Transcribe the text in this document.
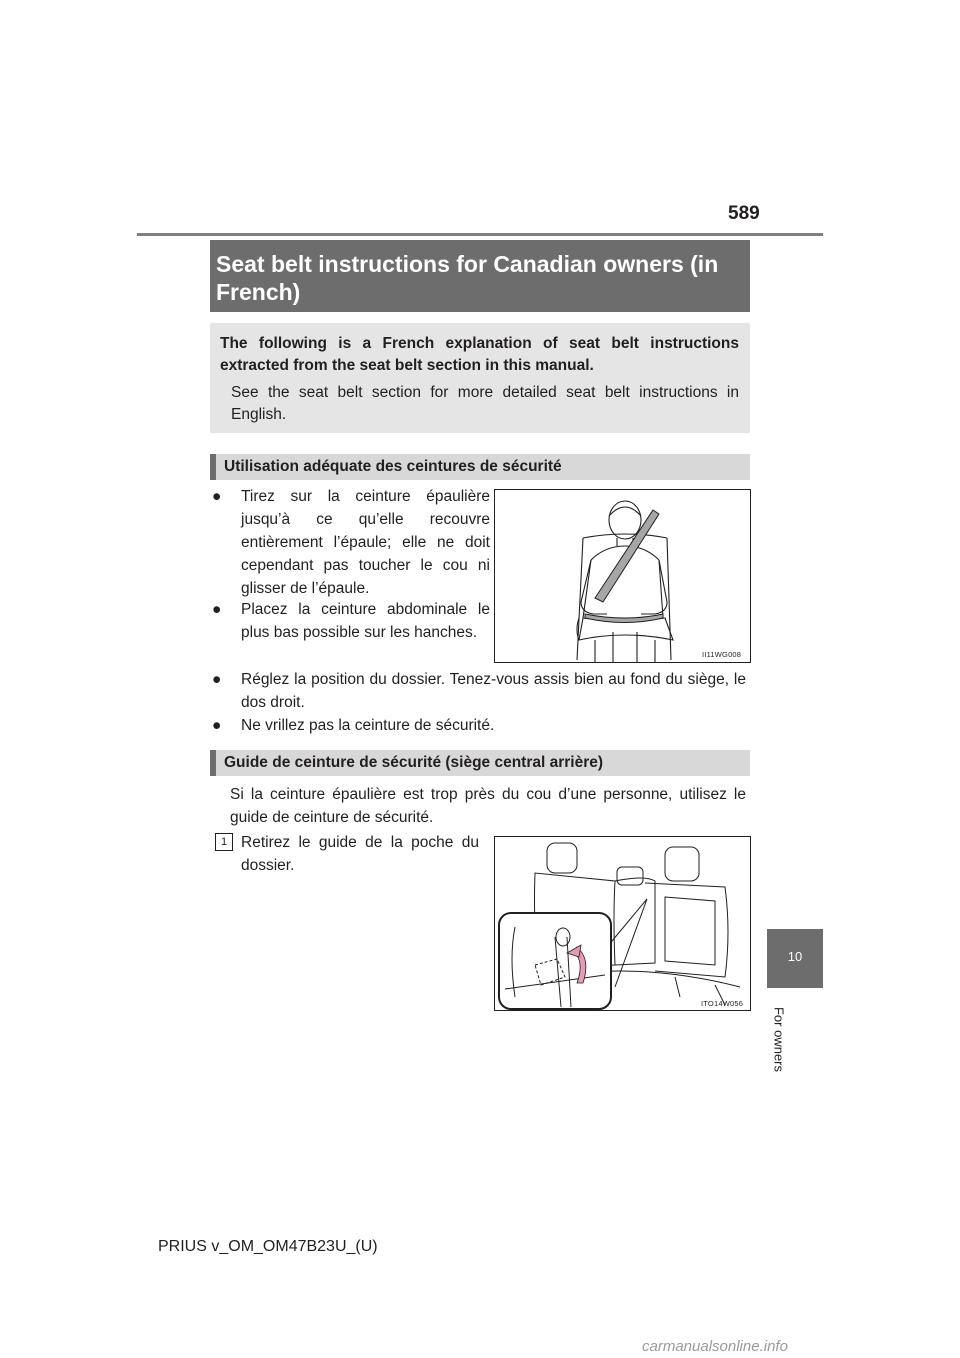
589
Seat belt instructions for Canadian owners (in French)
The following is a French explanation of seat belt instructions extracted from the seat belt section in this manual.
See the seat belt section for more detailed seat belt instructions in English.
Utilisation adéquate des ceintures de sécurité
●	Tirez sur la ceinture épaulière jusqu’à ce qu’elle recouvre entièrement l’épaule; elle ne doit cependant pas toucher le cou ni glisser de l’épaule.
●	Placez la ceinture abdominale le plus bas possible sur les hanches.
●	Réglez la position du dossier. Tenez-vous assis bien au fond du siège, le dos droit.
●	Ne vrillez pas la ceinture de sécurité.
II11WG008
Guide de ceinture de sécurité (siège central arrière)
Si la ceinture épaulière est trop près du cou d’une personne, utilisez le guide de ceinture de sécurité.
1 Retirez le guide de la poche du dossier.
ITO14W056
10
For owners
PRIUS v_OM_OM47B23U_(U)
carmanualsonline.info
